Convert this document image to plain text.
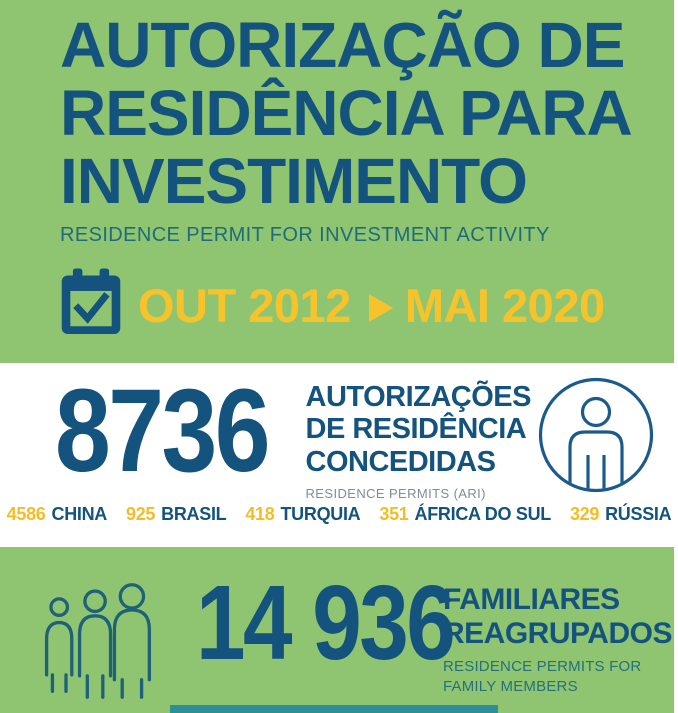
AUTORIZAÇÃO DE
RESIDÊNCIA PARA
INVESTIMENTO
RESIDENCE PERMIT FOR INVESTMENT ACTIVITY
OUT 2012 MAI 2020
8736 AUTORIZAÇÕES
DE RESIDÊNCIA
CONCEDIDAS
RESIDENCE PERMITS (ARI)
4586 CHINA 925 BRASIL 418 TURQUIA 351 ÁFRICA DO SUL 329 RÚSSIA
14 936
FAMILIARES
REAGRUPADOS
RESIDENCE PERMITS FOR
FAMILY MEMBERS
